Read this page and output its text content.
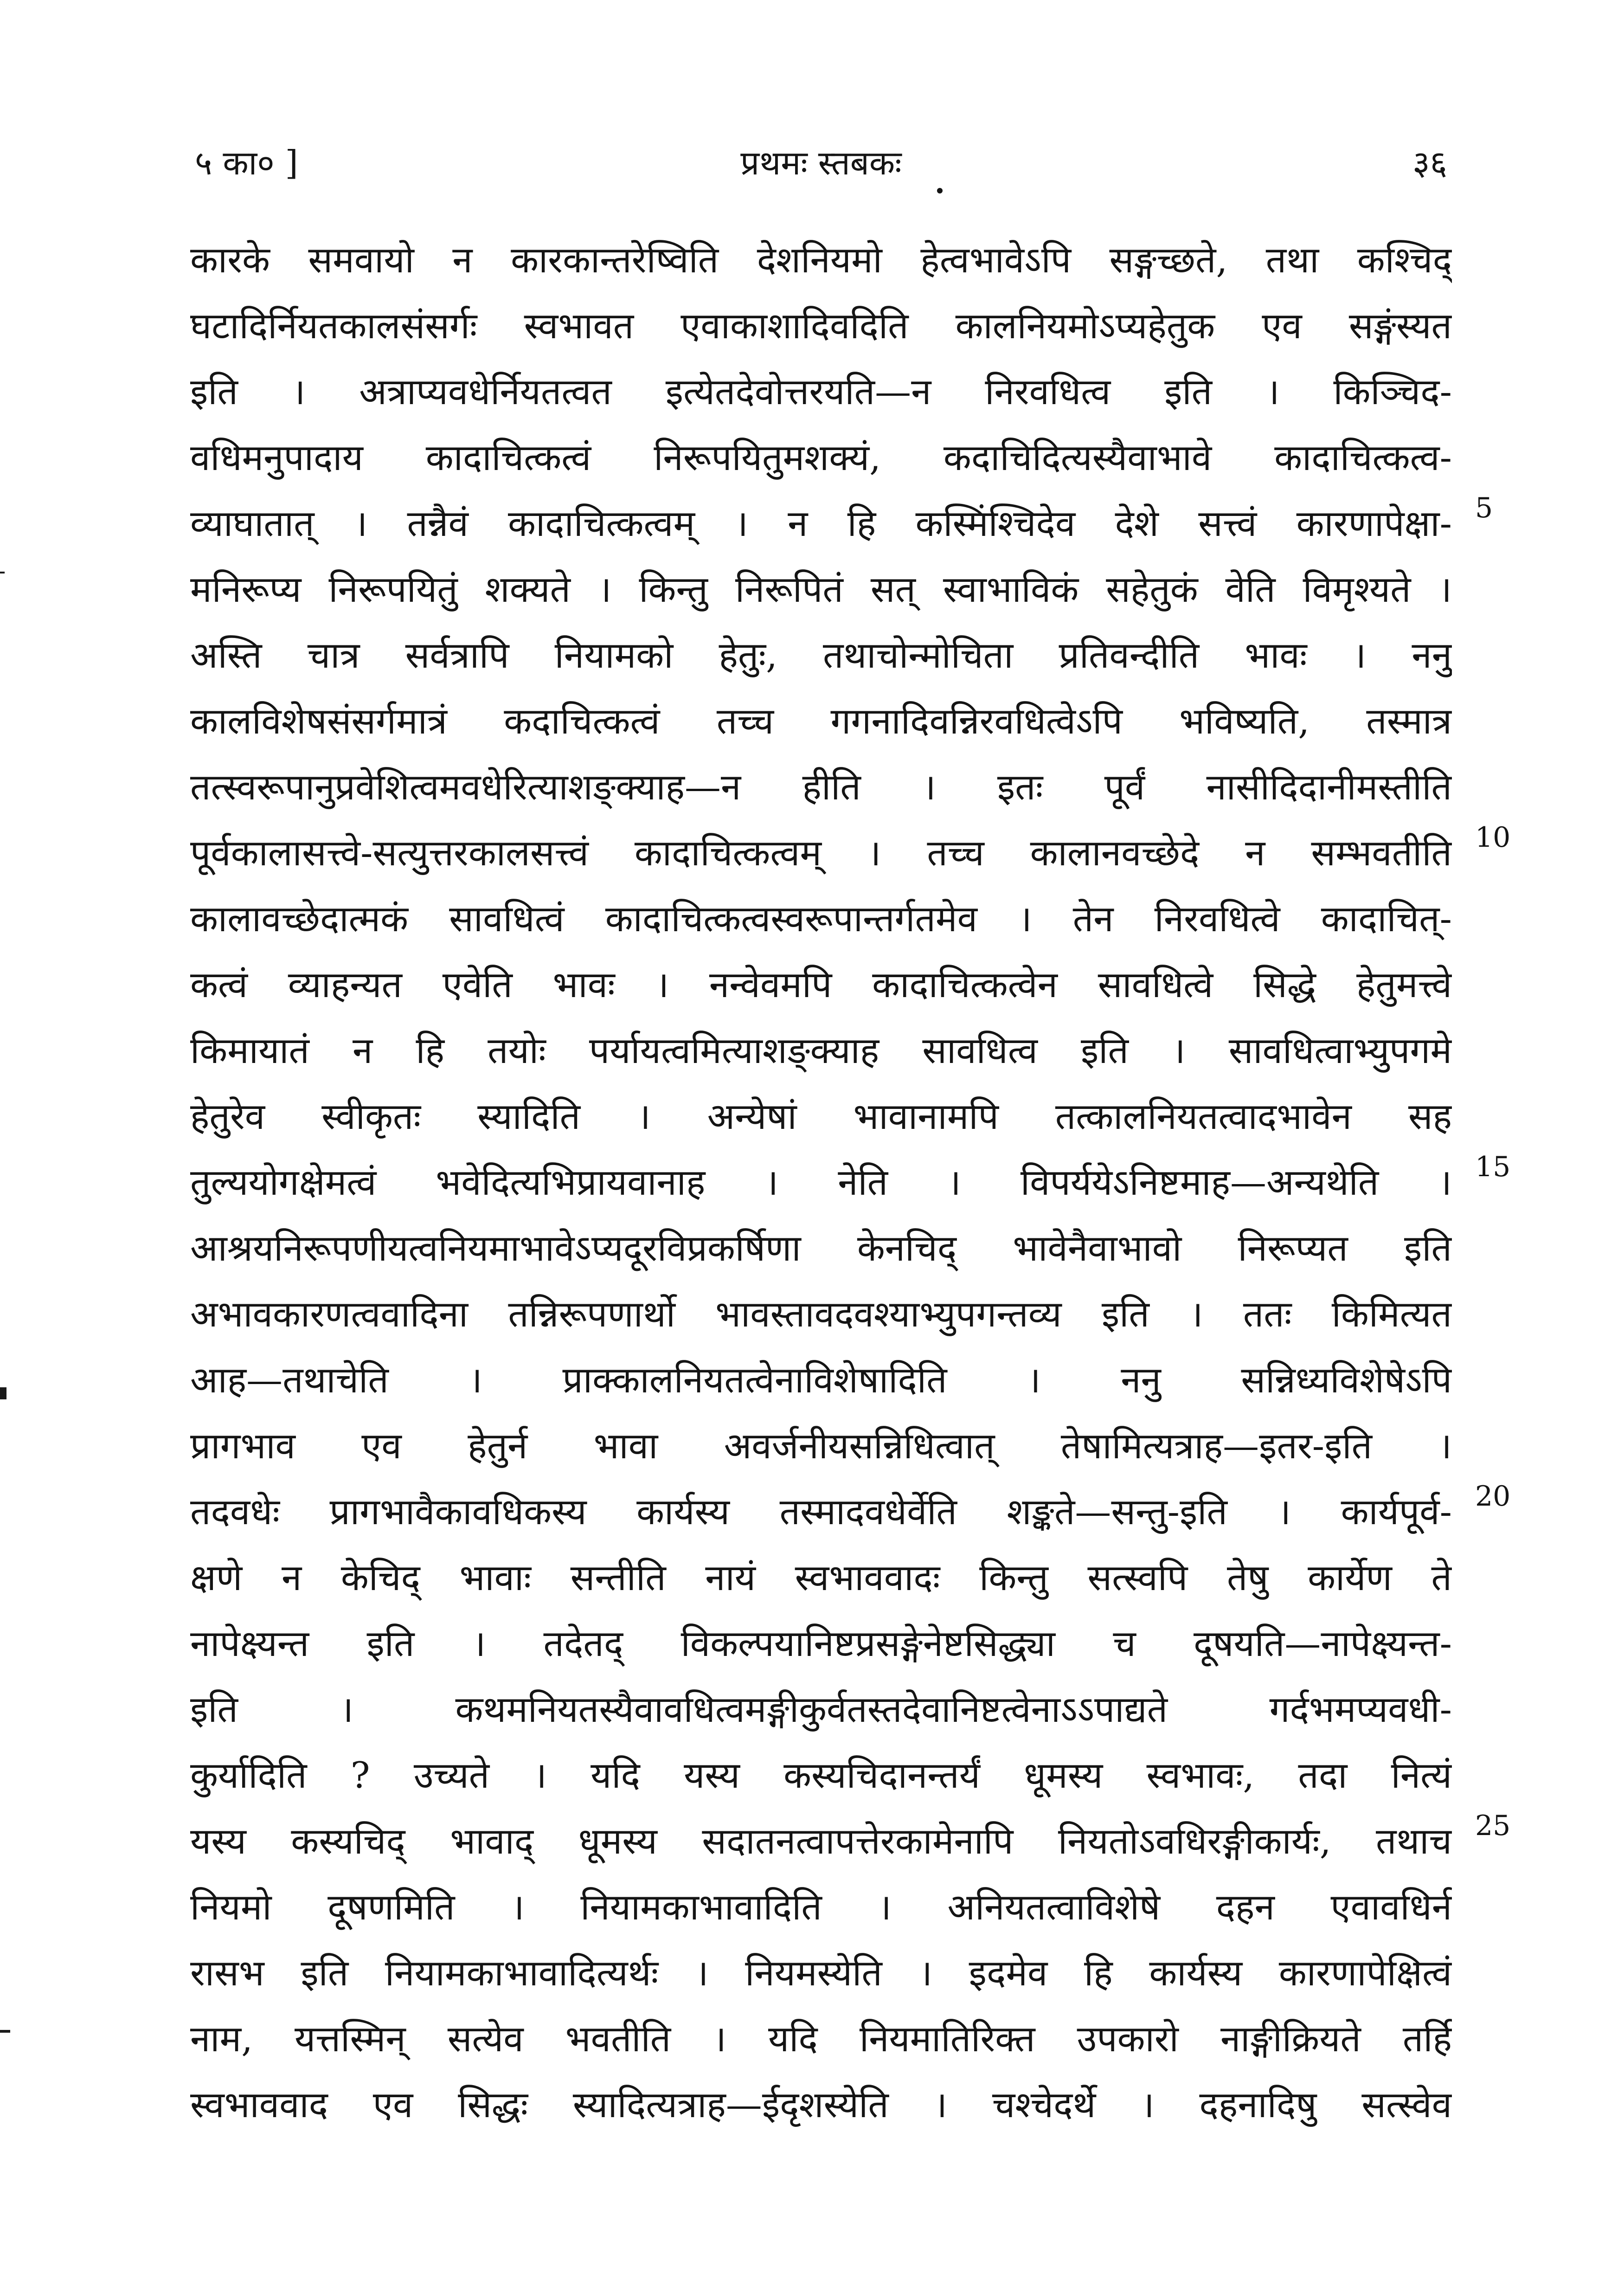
५ का० ]	प्रथमः स्तबकः	३६
कारके समवायो न कारकान्तरेष्विति देशनियमो हेत्वभावेऽपि सङ्गच्छते, तथा कश्चिद्
घटादिर्नियतकालसंसर्गः स्वभावत एवाकाशादिवदिति कालनियमोऽप्यहेतुक एव सङ्गंस्यत
इति । अत्राप्यवधेर्नियतत्वत इत्येतदेवोत्तरयति—न निरवधित्व इति । किञ्चिद-
वधिमनुपादाय कादाचित्कत्वं निरूपयितुमशक्यं, कदाचिदित्यस्यैवाभावे कादाचित्कत्व-
व्याघातात् । तन्नैवं कादाचित्कत्वम् । न हि कस्मिंश्चिदेव देशे सत्त्वं कारणापेक्षा-
मनिरूप्य निरूपयितुं शक्यते । किन्तु निरूपितं सत् स्वाभाविकं सहेतुकं वेति विमृश्यते ।
अस्ति चात्र सर्वत्रापि नियामको हेतुः, तथाचोन्मोचिता प्रतिवन्दीति भावः । ननु
कालविशेषसंसर्गमात्रं कदाचित्कत्वं तच्च गगनादिवन्निरवधित्वेऽपि भविष्यति, तस्मात्र
तत्स्वरूपानुप्रवेशित्वमवधेरित्याशङ्क्याह—न हीति । इतः पूर्वं नासीदिदानीमस्तीति
पूर्वकालासत्त्वे-सत्युत्तरकालसत्त्वं कादाचित्कत्वम् । तच्च कालानवच्छेदे न सम्भवतीति
कालावच्छेदात्मकं सावधित्वं कादाचित्कत्वस्वरूपान्तर्गतमेव । तेन निरवधित्वे कादाचित्-
कत्वं व्याहन्यत एवेति भावः । नन्वेवमपि कादाचित्कत्वेन सावधित्वे सिद्धे हेतुमत्त्वे
किमायातं न हि तयोः पर्यायत्वमित्याशङ्क्याह सावधित्व इति । सावधित्वाभ्युपगमे
हेतुरेव स्वीकृतः स्यादिति । अन्येषां भावानामपि तत्कालनियतत्वादभावेन सह
तुल्ययोगक्षेमत्वं भवेदित्यभिप्रायवानाह । नेति । विपर्ययेऽनिष्टमाह—अन्यथेति ।
आश्रयनिरूपणीयत्वनियमाभावेऽप्यदूरविप्रकर्षिणा केनचिद् भावेनैवाभावो निरूप्यत इति
अभावकारणत्ववादिना तन्निरूपणार्थो भावस्तावदवश्याभ्युपगन्तव्य इति । ततः किमित्यत
आह—तथाचेति । प्राक्कालनियतत्वेनाविशेषादिति । ननु सन्निध्यविशेषेऽपि
प्रागभाव एव हेतुर्न भावा अवर्जनीयसन्निधित्वात् तेषामित्यत्राह—इतर-इति ।
तदवधेः प्रागभावैकावधिकस्य कार्यस्य तस्मादवधेर्वेति शङ्कते—सन्तु-इति । कार्यपूर्व-
क्षणे न केचिद् भावाः सन्तीति नायं स्वभाववादः किन्तु सत्स्वपि तेषु कार्येण ते
नापेक्ष्यन्त इति । तदेतद् विकल्पयानिष्टप्रसङ्गेनेष्टसिद्ध्या च दूषयति—नापेक्ष्यन्त-
इति । कथमनियतस्यैवावधित्वमङ्गीकुर्वतस्तदेवानिष्टत्वेनाऽऽपाद्यते गर्दभमप्यवधी-
कुर्यादिति ? उच्यते । यदि यस्य कस्यचिदानन्तर्यं धूमस्य स्वभावः, तदा नित्यं
यस्य कस्यचिद् भावाद् धूमस्य सदातनत्वापत्तेरकामेनापि नियतोऽवधिरङ्गीकार्यः, तथाच
नियमो दूषणमिति । नियामकाभावादिति । अनियतत्वाविशेषे दहन एवावधिर्न
रासभ इति नियामकाभावादित्यर्थः । नियमस्येति । इदमेव हि कार्यस्य कारणापेक्षित्वं
नाम, यत्तस्मिन् सत्येव भवतीति । यदि नियमातिरिक्त उपकारो नाङ्गीक्रियते तर्हि
स्वभाववाद एव सिद्धः स्यादित्यत्राह—ईदृशस्येति । चश्चेदर्थे । दहनादिषु सत्स्वेव
5
10
15
20
25
